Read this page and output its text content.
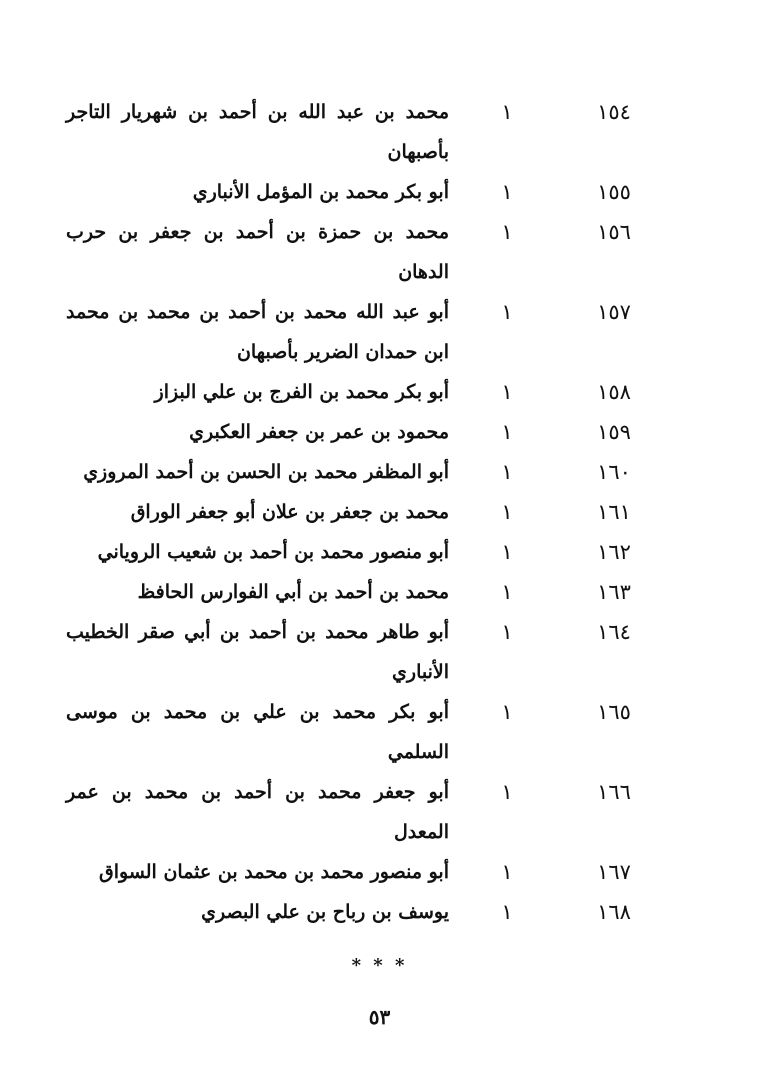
١٥٤
١
محمد بن عبد الله بن أحمد بن شهريار التاجر بأصبهان
١٥٥
١
أبو بكر محمد بن المؤمل الأنباري
١٥٦
١
محمد بن حمزة بن أحمد بن جعفر بن حرب الدهان
١٥٧
١
أبو عبد الله محمد بن أحمد بن محمد بن محمد ابن حمدان الضرير بأصبهان
١٥٨
١
أبو بكر محمد بن الفرج بن علي البزاز
١٥٩
١
محمود بن عمر بن جعفر العكبري
١٦٠
١
أبو المظفر محمد بن الحسن بن أحمد المروزي
١٦١
١
محمد بن جعفر بن علان أبو جعفر الوراق
١٦٢
١
أبو منصور محمد بن أحمد بن شعيب الروياني
١٦٣
١
محمد بن أحمد بن أبي الفوارس الحافظ
١٦٤
١
أبو طاهر محمد بن أحمد بن أبي صقر الخطيب الأنباري
١٦٥
١
أبو بكر محمد بن علي بن محمد بن موسى السلمي
١٦٦
١
أبو جعفر محمد بن أحمد بن محمد بن عمر المعدل
١٦٧
١
أبو منصور محمد بن محمد بن عثمان السواق
١٦٨
١
يوسف بن رباح بن علي البصري
* * *
٥٣
